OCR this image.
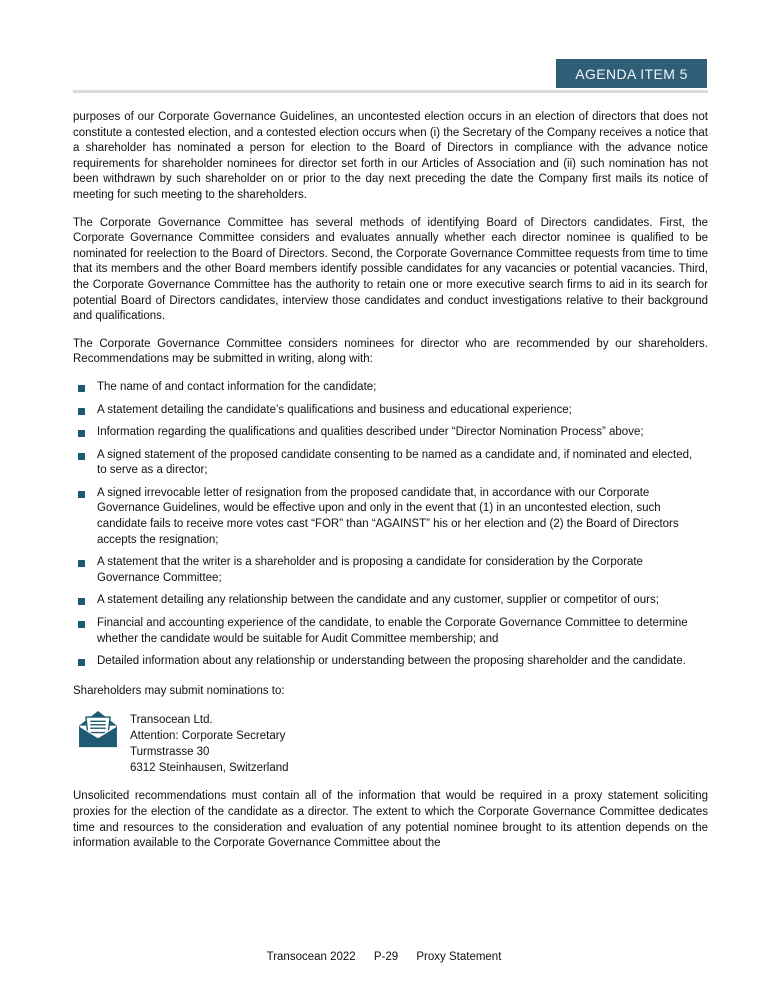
AGENDA ITEM 5

purposes of our Corporate Governance Guidelines, an uncontested election occurs in an election of directors that does not constitute a contested election, and a contested election occurs when (i) the Secretary of the Company receives a notice that a shareholder has nominated a person for election to the Board of Directors in compliance with the advance notice requirements for shareholder nominees for director set forth in our Articles of Association and (ii) such nomination has not been withdrawn by such shareholder on or prior to the day next preceding the date the Company first mails its notice of meeting for such meeting to the shareholders.

The Corporate Governance Committee has several methods of identifying Board of Directors candidates. First, the Corporate Governance Committee considers and evaluates annually whether each director nominee is qualified to be nominated for reelection to the Board of Directors. Second, the Corporate Governance Committee requests from time to time that its members and the other Board members identify possible candidates for any vacancies or potential vacancies. Third, the Corporate Governance Committee has the authority to retain one or more executive search firms to aid in its search for potential Board of Directors candidates, interview those candidates and conduct investigations relative to their background and qualifications.

The Corporate Governance Committee considers nominees for director who are recommended by our shareholders. Recommendations may be submitted in writing, along with:

The name of and contact information for the candidate;
A statement detailing the candidate’s qualifications and business and educational experience;
Information regarding the qualifications and qualities described under “Director Nomination Process” above;
A signed statement of the proposed candidate consenting to be named as a candidate and, if nominated and elected, to serve as a director;
A signed irrevocable letter of resignation from the proposed candidate that, in accordance with our Corporate Governance Guidelines, would be effective upon and only in the event that (1) in an uncontested election, such candidate fails to receive more votes cast “FOR” than “AGAINST” his or her election and (2) the Board of Directors accepts the resignation;
A statement that the writer is a shareholder and is proposing a candidate for consideration by the Corporate Governance Committee;
A statement detailing any relationship between the candidate and any customer, supplier or competitor of ours;
Financial and accounting experience of the candidate, to enable the Corporate Governance Committee to determine whether the candidate would be suitable for Audit Committee membership; and
Detailed information about any relationship or understanding between the proposing shareholder and the candidate.

Shareholders may submit nominations to:

Transocean Ltd.
Attention: Corporate Secretary
Turmstrasse 30
6312 Steinhausen, Switzerland

Unsolicited recommendations must contain all of the information that would be required in a proxy statement soliciting proxies for the election of the candidate as a director. The extent to which the Corporate Governance Committee dedicates time and resources to the consideration and evaluation of any potential nominee brought to its attention depends on the information available to the Corporate Governance Committee about the

Transocean 2022 P-29 Proxy Statement
